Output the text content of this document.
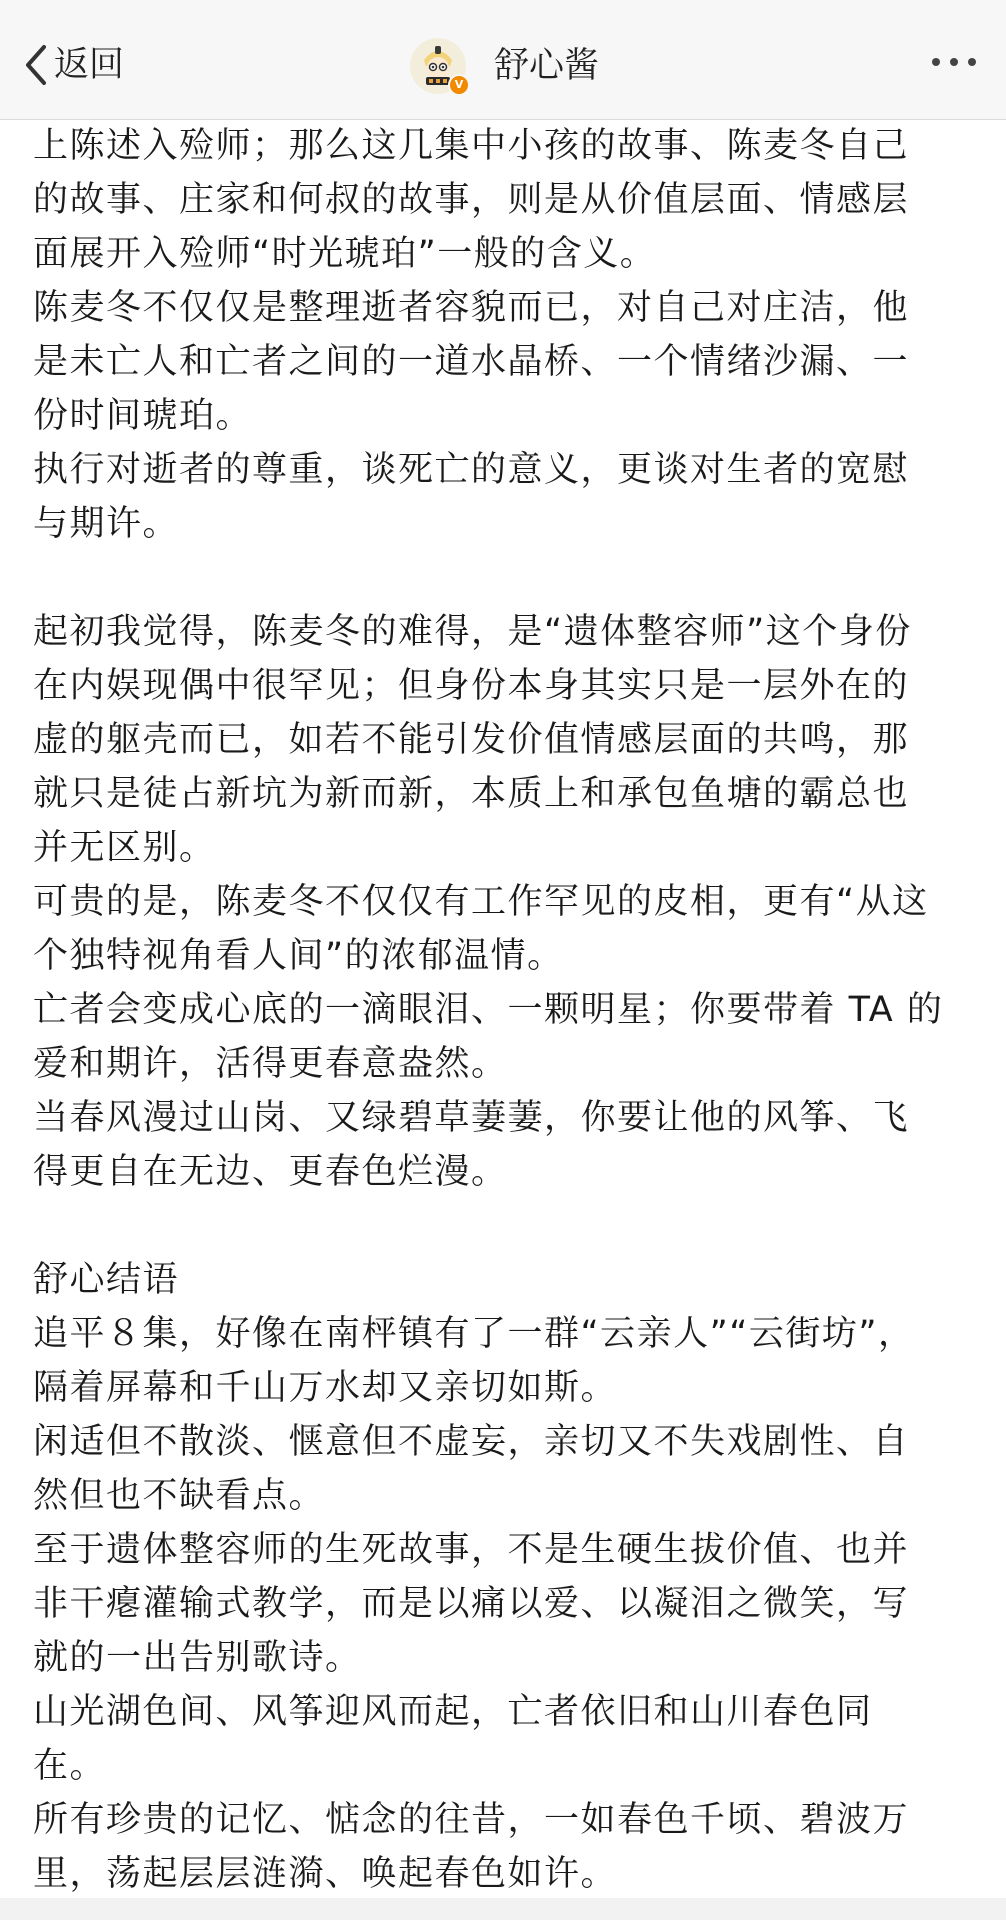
返回	V 舒心酱
上陈述入殓师；那么这几集中小孩的故事、陈麦冬自己
的故事、庄家和何叔的故事，则是从价值层面、情感层
面展开入殓师“时光琥珀”一般的含义。
陈麦冬不仅仅是整理逝者容貌而已，对自己对庄洁，他
是未亡人和亡者之间的一道水晶桥、一个情绪沙漏、一
份时间琥珀。
执行对逝者的尊重，谈死亡的意义，更谈对生者的宽慰
与期许。
起初我觉得，陈麦冬的难得，是“遗体整容师”这个身份
在内娱现偶中很罕见；但身份本身其实只是一层外在的
虚的躯壳而已，如若不能引发价值情感层面的共鸣，那
就只是徒占新坑为新而新，本质上和承包鱼塘的霸总也
并无区别。
可贵的是，陈麦冬不仅仅有工作罕见的皮相，更有“从这
个独特视角看人间”的浓郁温情。
亡者会变成心底的一滴眼泪、一颗明星；你要带着 TA 的
爱和期许，活得更春意盎然。
当春风漫过山岗、又绿碧草萋萋，你要让他的风筝、飞
得更自在无边、更春色烂漫。
舒心结语
追平８集，好像在南枰镇有了一群“云亲人”“云街坊”，
隔着屏幕和千山万水却又亲切如斯。
闲适但不散淡、惬意但不虚妄，亲切又不失戏剧性、自
然但也不缺看点。
至于遗体整容师的生死故事，不是生硬生拔价值、也并
非干瘪灌输式教学，而是以痛以爱、以凝泪之微笑，写
就的一出告别歌诗。
山光湖色间、风筝迎风而起，亡者依旧和山川春色同
在。
所有珍贵的记忆、惦念的往昔，一如春色千顷、碧波万
里，荡起层层涟漪、唤起春色如许。
